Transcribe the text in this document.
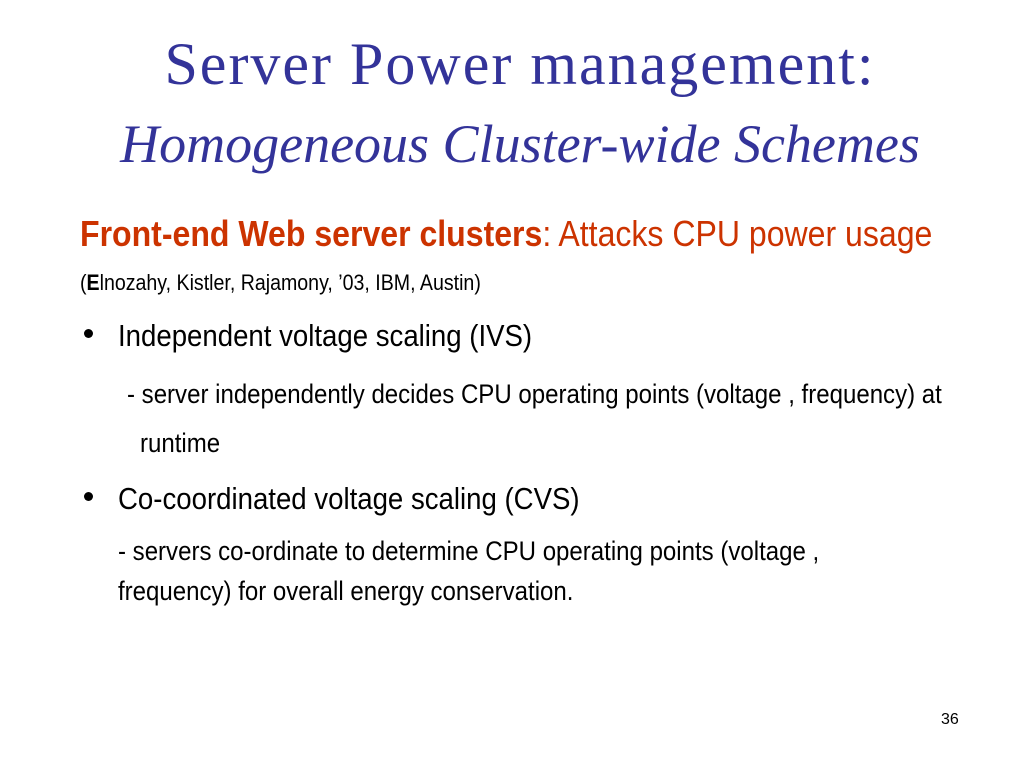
Server Power management:
Homogeneous Cluster-wide Schemes
Front-end Web server clusters: Attacks CPU power usage
(Elnozahy, Kistler, Rajamony, ’03, IBM, Austin)
Independent voltage scaling (IVS)
- server independently decides CPU operating points (voltage , frequency) at
runtime
Co-coordinated voltage scaling (CVS)
- servers co-ordinate to determine CPU operating points (voltage ,
frequency) for overall energy conservation.
36
